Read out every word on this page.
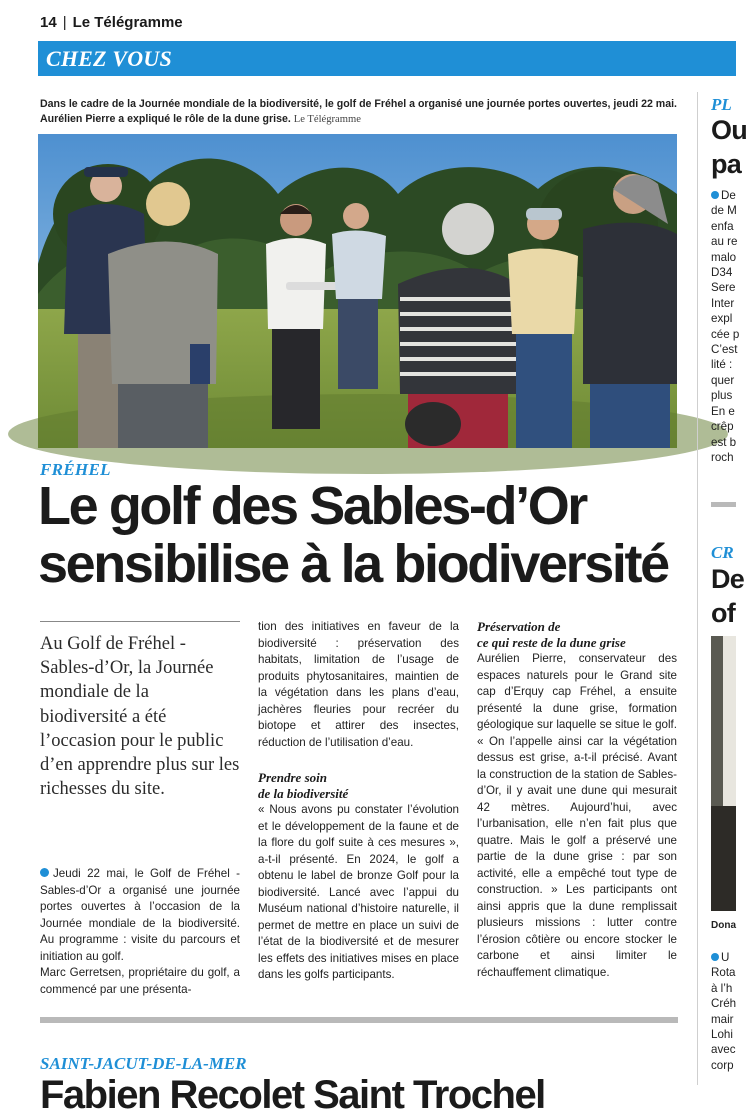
14 | Le Télégramme
CHEZ VOUS
Dans le cadre de la Journée mondiale de la biodiversité, le golf de Fréhel a organisé une journée portes ouvertes, jeudi 22 mai. Aurélien Pierre a expliqué le rôle de la dune grise. Le Télégramme
FRÉHEL
Le golf des Sables-d’Or
sensibilise à la biodiversité
Au Golf de Fréhel - Sables-d’Or, la Journée mondiale de la biodiversité a été l’occasion pour le public d’en apprendre plus sur les richesses du site.

Jeudi 22 mai, le Golf de Fréhel - Sables-d’Or a organisé une journée portes ouvertes à l’occasion de la Journée mondiale de la biodiversité. Au programme : visite du parcours et initiation au golf.

Marc Gerretsen, propriétaire du golf, a commencé par une présenta-

tion des initiatives en faveur de la biodiversité : préservation des habitats, limitation de l’usage de produits phytosanitaires, maintien de la végétation dans les plans d’eau, jachères fleuries pour recréer du biotope et attirer des insectes, réduction de l’utilisation d’eau.

Prendre soin
de la biodiversité

« Nous avons pu constater l’évolution et le développement de la faune et de la flore du golf suite à ces mesures », a-t-il présenté. En 2024, le golf a obtenu le label de bronze Golf pour la biodiversité. Lancé avec l’appui du Muséum national d’histoire naturelle, il permet de mettre en place un suivi de l’état de la biodiversité et de mesurer les effets des initiatives mises en place dans les golfs participants.

Préservation de
ce qui reste de la dune grise

Aurélien Pierre, conservateur des espaces naturels pour le Grand site cap d’Erquy cap Fréhel, a ensuite présenté la dune grise, formation géologique sur laquelle se situe le golf. « On l’appelle ainsi car la végétation dessus est grise, a-t-il précisé. Avant la construction de la station de Sables-d’Or, il y avait une dune qui mesurait 42 mètres. Aujourd’hui, avec l’urbanisation, elle n’en fait plus que quatre. Mais le golf a préservé une partie de la dune grise : par son activité, elle a empêché tout type de construction. » Les participants ont ainsi appris que la dune remplissait plusieurs missions : lutter contre l’érosion côtière ou encore stocker le carbone et ainsi limiter le réchauffement climatique.

SAINT-JACUT-DE-LA-MER
Fabien Recolet Saint Trochel
PL
Ou
pa
De
de M
enfa
au re
malo
D34
Sere
Inter
expl
cée p
C’est
lité :
quer
plus
En e
crêp
est b
roch
CR
De
of
Dona
U
Rota
à l’h
Créh
mair
Lohi
avec
corp
